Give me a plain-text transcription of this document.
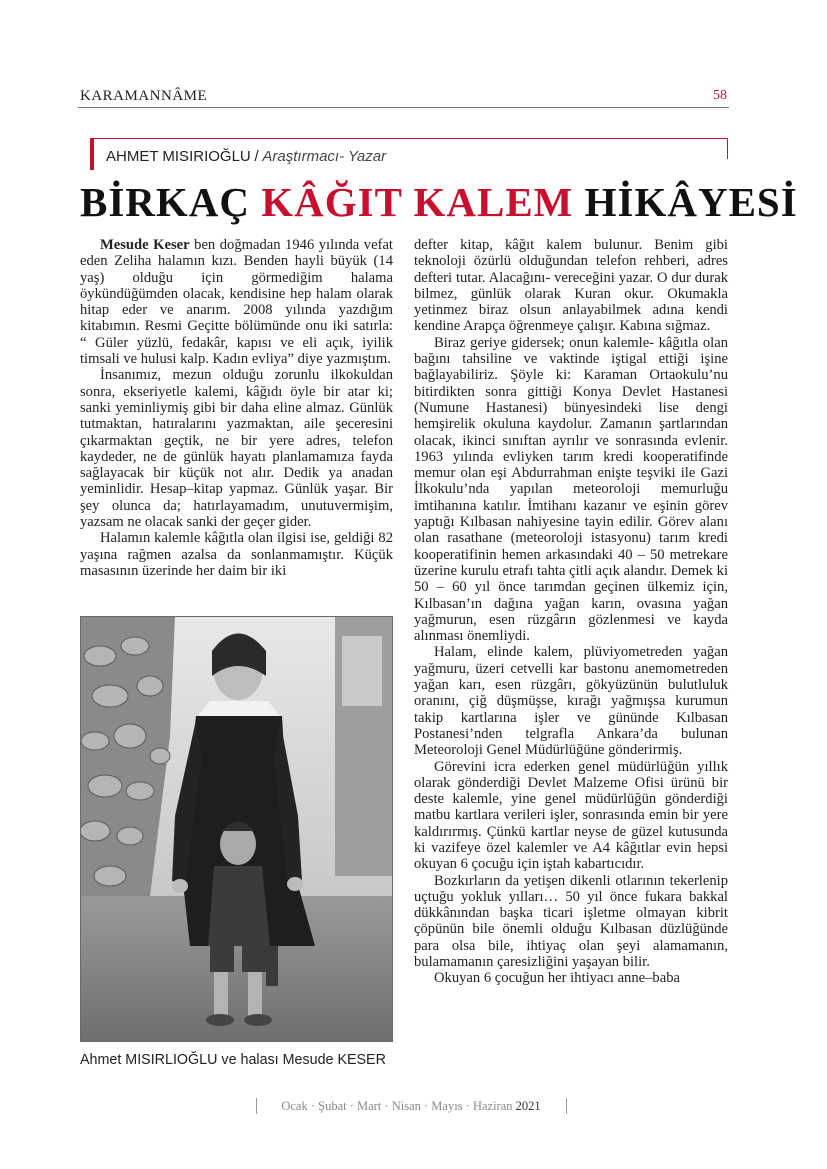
KARAMANNÂME	58
AHMET MISIRIOĞLU / Araştırmacı- Yazar
BİRKAÇ KÂĞIT KALEM HİKÂYESİ

Mesude Keser ben doğmadan 1946 yılında vefat eden Zeliha halamın kızı. Benden hayli büyük (14 yaş) olduğu için görmediğim halama öykündüğümden olacak, kendisine hep halam olarak hitap eder ve anarım. 2008 yılında yazdığım kitabımın. Resmi Geçitte bölümünde onu iki satırla: “ Güler yüzlü, fedakâr, kapısı ve eli açık, iyilik timsali ve hulusi kalp. Kadın evliya” diye yazmıştım.

İnsanımız, mezun olduğu zorunlu ilkokuldan sonra, ekseriyetle kalemi, kâğıdı öyle bir atar ki; sanki yeminliymiş gibi bir daha eline almaz. Günlük tutmaktan, hatıralarını yazmaktan, aile şeceresini çıkarmaktan geçtik, ne bir yere adres, telefon kaydeder, ne de günlük hayatı planlamamıza fayda sağlayacak bir küçük not alır. Dedik ya anadan yeminlidir. Hesap–kitap yapmaz. Günlük yaşar. Bir şey olunca da; hatırlayamadım, unutuvermişim, yazsam ne olacak sanki der geçer gider.

Halamın kalemle kâğıtla olan ilgisi ise, geldiği 82 yaşına rağmen azalsa da sonlanmamıştır. Küçük masasının üzerinde her daim bir iki

Ahmet MISIRLIOĞLU ve halası Mesude KESER

defter kitap, kâğıt kalem bulunur. Benim gibi teknoloji özürlü olduğundan telefon rehberi, adres defteri tutar. Alacağını- vereceğini yazar. O dur durak bilmez, günlük olarak Kuran okur. Okumakla yetinmez biraz olsun anlayabilmek adına kendi kendine Arapça öğrenmeye çalışır. Kabına sığmaz.

Biraz geriye gidersek; onun kalemle- kâğıtla olan bağını tahsiline ve vaktinde iştigal ettiği işine bağlayabiliriz. Şöyle ki: Karaman Ortaokulu’nu bitirdikten sonra gittiği Konya Devlet Hastanesi (Numune Hastanesi) bünyesindeki lise dengi hemşirelik okuluna kaydolur. Zamanın şartlarından olacak, ikinci sınıftan ayrılır ve sonrasında evlenir. 1963 yılında evliyken tarım kredi kooperatifinde memur olan eşi Abdurrahman enişte teşviki ile Gazi İlkokulu’nda yapılan meteoroloji memurluğu imtihanına katılır. İmtihanı kazanır ve eşinin görev yaptığı Kılbasan nahiyesine tayin edilir. Görev alanı olan rasathane (meteoroloji istasyonu) tarım kredi kooperatifinin hemen arkasındaki 40 – 50 metrekare üzerine kurulu etrafı tahta çitli açık alandır. Demek ki 50 – 60 yıl önce tarımdan geçinen ülkemiz için, Kılbasan’ın dağına yağan karın, ovasına yağan yağmurun, esen rüzgârın gözlenmesi ve kayda alınması önemliydi.

Halam, elinde kalem, plüviyometreden yağan yağmuru, üzeri cetvelli kar bastonu anemometreden yağan karı, esen rüzgârı, gökyüzünün bulutluluk oranını, çiğ düşmüşse, kırağı yağmışsa kurumun takip kartlarına işler ve gününde Kılbasan Postanesi’nden telgrafla Ankara’da bulunan Meteoroloji Genel Müdürlüğüne gönderirmiş.

Görevini icra ederken genel müdürlüğün yıllık olarak gönderdiği Devlet Malzeme Ofisi ürünü bir deste kalemle, yine genel müdürlüğün gönderdiği matbu kartlara verileri işler, sonrasında emin bir yere kaldırırmış. Çünkü kartlar neyse de güzel kutusunda ki vazifeye özel kalemler ve A4 kâğıtlar evin hepsi okuyan 6 çocuğu için iştah kabartıcıdır.

Bozkırların da yetişen dikenli otlarının tekerlenip uçtuğu yokluk yılları… 50 yıl önce fukara bakkal dükkânından başka ticari işletme olmayan kibrit çöpünün bile önemli olduğu Kılbasan düzlüğünde para olsa bile, ihtiyaç olan şeyi alamamanın, bulamamanın çaresizliğini yaşayan bilir.

Okuyan 6 çocuğun her ihtiyacı anne–baba

Ocak · Şubat · Mart · Nisan · Mayıs · Haziran 2021
